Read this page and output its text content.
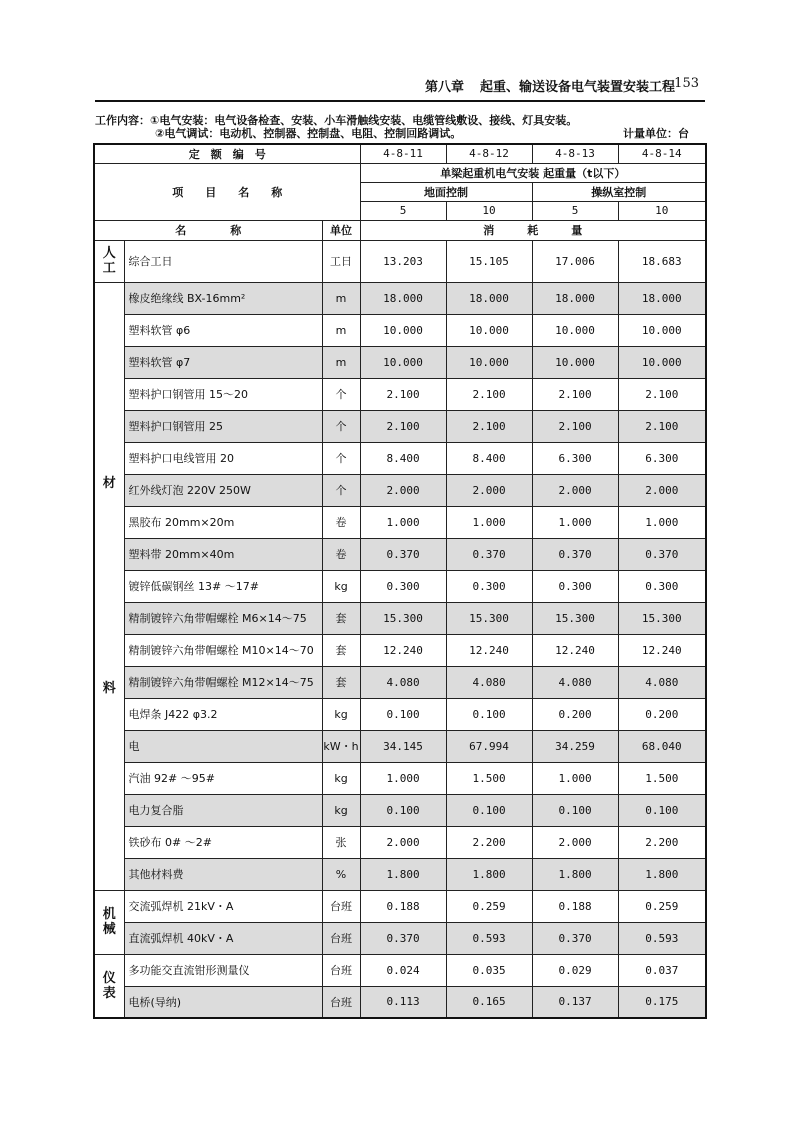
第八章 起重、输送设备电气装置安装工程 153
工作内容：①电气安装：电气设备检查、安装、小车滑触线安装、电缆管线敷设、接线、灯具安装。
②电气调试：电动机、控制器、控制盘、电阻、控制回路调试。	计量单位：台
定　额　编　号			4-8-11	4-8-12	4-8-13	4-8-14
项　　目　　名　　称			单梁起重机电气安装 起重量（t以下）			
			地面控制		操纵室控制	
			5	10	5	10
名　　　　称		单位	消　　　耗　　　量			

人工	综合工日	工日	13.203	15.105	17.006	18.683

材
料	橡皮绝缘线 BX-16mm²	m	18.000	18.000	18.000	18.000
	塑料软管 φ6	m	10.000	10.000	10.000	10.000
	塑料软管 φ7	m	10.000	10.000	10.000	10.000
	塑料护口钢管用 15～20	个	2.100	2.100	2.100	2.100
	塑料护口钢管用 25	个	2.100	2.100	2.100	2.100
	塑料护口电线管用 20	个	8.400	8.400	6.300	6.300
	红外线灯泡 220V 250W	个	2.000	2.000	2.000	2.000
	黑胶布 20mm×20m	卷	1.000	1.000	1.000	1.000
	塑料带 20mm×40m	卷	0.370	0.370	0.370	0.370
	镀锌低碳钢丝 13# ～17#	kg	0.300	0.300	0.300	0.300
	精制镀锌六角带帽螺栓 M6×14～75	套	15.300	15.300	15.300	15.300
	精制镀锌六角带帽螺栓 M10×14～70	套	12.240	12.240	12.240	12.240
	精制镀锌六角带帽螺栓 M12×14～75	套	4.080	4.080	4.080	4.080
	电焊条 J422 φ3.2	kg	0.100	0.100	0.200	0.200
	电	kW・h	34.145	67.994	34.259	68.040
	汽油 92# ～95#	kg	1.000	1.500	1.000	1.500
	电力复合脂	kg	0.100	0.100	0.100	0.100
	铁砂布 0# ～2#	张	2.000	2.200	2.000	2.200
	其他材料费	%	1.800	1.800	1.800	1.800

机械	交流弧焊机 21kV・A	台班	0.188	0.259	0.188	0.259
	直流弧焊机 40kV・A	台班	0.370	0.593	0.370	0.593

仪表	多功能交直流钳形测量仪	台班	0.024	0.035	0.029	0.037
	电桥(导纳)	台班	0.113	0.165	0.137	0.175
